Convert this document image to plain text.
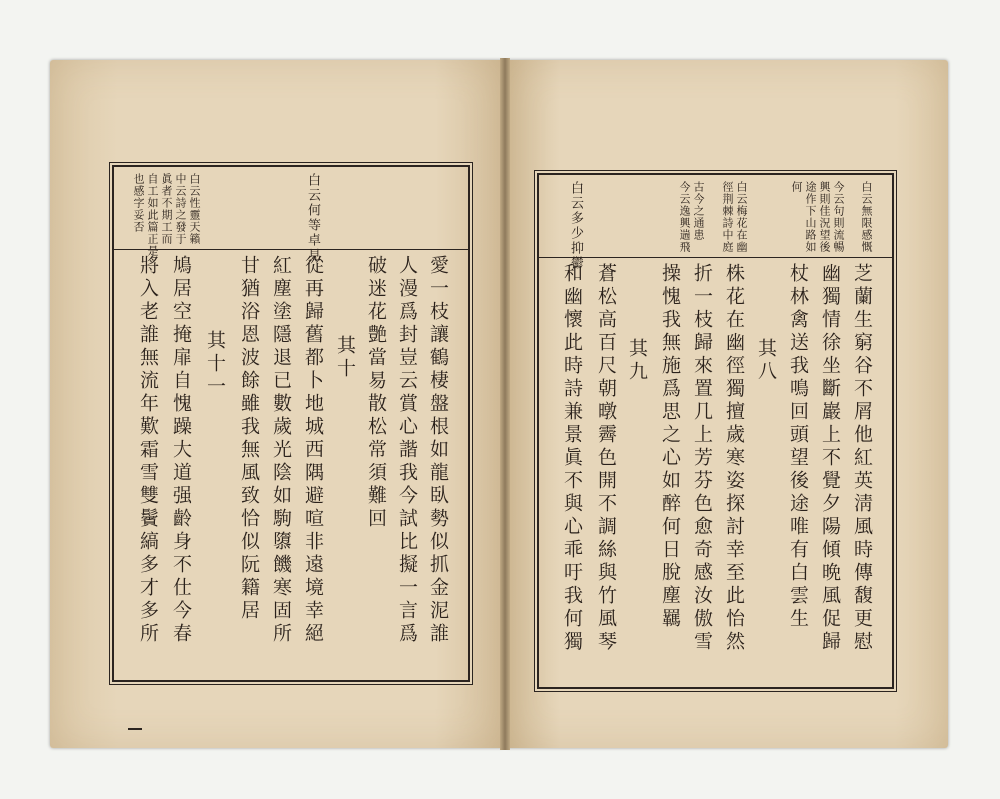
白云性靈天籟
中云詩之發于
眞者不期工而
自工如此篇正是
也感字妥否	白云何等卓見
愛一枝讓鶴棲盤根如龍臥勢似抓金泥誰
人漫爲封豈云賞心諧我今試比擬一言爲
破迷花艶當易散松常須難回
其十
從再歸舊都卜地城西隅避喧非遠境幸絕
紅塵塗隱退已數歲光陰如駒隳饑寒固所
甘猶浴恩波餘雖我無風致恰似阮籍居
其十一
鳩居空掩扉自愧躁大道强齡身不仕今春
將入老誰無流年歎霜雪雙鬢縞多才多所
白云無限感慨
今云句則流暢
興則佳況望後
途作下山路如
何
白云梅花在幽
徑荆棘詩中庭
古今之通患
今云逸興遄飛
白云多少抑鬱
芝蘭生窮谷不屑他紅英淸風時傳馥更慰
幽獨情徐坐斷巖上不覺夕陽傾晩風促歸
杖林禽送我鳴回頭望後途唯有白雲生
其八
株花在幽徑獨擅歲寒姿探討幸至此怡然
折一枝歸來置几上芳芬色愈奇感汝傲雪
操愧我無施爲思之心如醉何日脫塵羈
其九
蒼松高百尺朝暾霽色開不調絲與竹風琴
和幽懷此時詩兼景眞不與心乖吁我何獨
